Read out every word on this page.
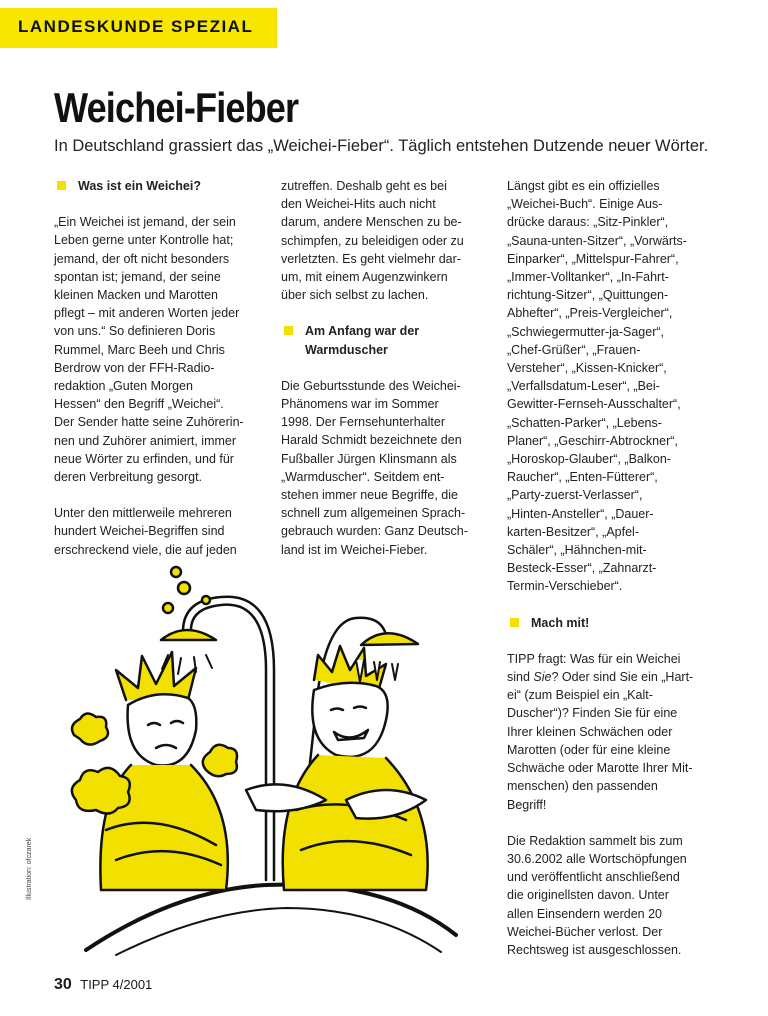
LANDESKUNDE SPEZIAL
Weichei-Fieber

In Deutschland grassiert das „Weichei-Fieber“. Täglich entstehen Dutzende neuer Wörter.

Was ist ein Weichei?

„Ein Weichei ist jemand, der sein
Leben gerne unter Kontrolle hat;
jemand, der oft nicht besonders
spontan ist; jemand, der seine
kleinen Macken und Marotten
pflegt – mit anderen Worten jeder
von uns.“ So definieren Doris
Rummel, Marc Beeh und Chris
Berdrow von der FFH-Radio-
redaktion „Guten Morgen
Hessen“ den Begriff „Weichei“.
Der Sender hatte seine Zuhörerin-
nen und Zuhörer animiert, immer
neue Wörter zu erfinden, und für
deren Verbreitung gesorgt.

Unter den mittlerweile mehreren
hundert Weichei-Begriffen sind
erschreckend viele, die auf jeden

zutreffen. Deshalb geht es bei
den Weichei-Hits auch nicht
darum, andere Menschen zu be-
schimpfen, zu beleidigen oder zu
verletzten. Es geht vielmehr dar-
um, mit einem Augenzwinkern
über sich selbst zu lachen.

Am Anfang war der
Warmduscher

Die Geburtsstunde des Weichei-
Phänomens war im Sommer
1998. Der Fernsehunterhalter
Harald Schmidt bezeichnete den
Fußballer Jürgen Klinsmann als
„Warmduscher“. Seitdem ent-
stehen immer neue Begriffe, die
schnell zum allgemeinen Sprach-
gebrauch wurden: Ganz Deutsch-
land ist im Weichei-Fieber.

Längst gibt es ein offizielles
„Weichei-Buch“. Einige Aus-
drücke daraus: „Sitz-Pinkler“,
„Sauna-unten-Sitzer“, „Vorwärts-
Einparker“, „Mittelspur-Fahrer“,
„Immer-Volltanker“, „In-Fahrt-
richtung-Sitzer“, „Quittungen-
Abhefter“, „Preis-Vergleicher“,
„Schwiegermutter-ja-Sager“,
„Chef-Grüßer“, „Frauen-
Versteher“, „Kissen-Knicker“,
„Verfallsdatum-Leser“, „Bei-
Gewitter-Fernseh-Ausschalter“,
„Schatten-Parker“, „Lebens-
Planer“, „Geschirr-Abtrockner“,
„Horoskop-Glauber“, „Balkon-
Raucher“, „Enten-Fütterer“,
„Party-zuerst-Verlasser“,
„Hinten-Ansteller“, „Dauer-
karten-Besitzer“, „Apfel-
Schäler“, „Hähnchen-mit-
Besteck-Esser“, „Zahnarzt-
Termin-Verschieber“.

Mach mit!

TIPP fragt: Was für ein Weichei
sind Sie? Oder sind Sie ein „Hart-
ei“ (zum Beispiel ein „Kalt-
Duscher“)? Finden Sie für eine
Ihrer kleinen Schwächen oder
Marotten (oder für eine kleine
Schwäche oder Marotte Ihrer Mit-
menschen) den passenden
Begriff!

Die Redaktion sammelt bis zum
30.6.2002 alle Wortschöpfungen
und veröffentlicht anschließend
die originellsten davon. Unter
allen Einsendern werden 20
Weichei-Bücher verlost. Der
Rechtsweg ist ausgeschlossen.

Illustration: ofczarek
30 TIPP 4/2001
